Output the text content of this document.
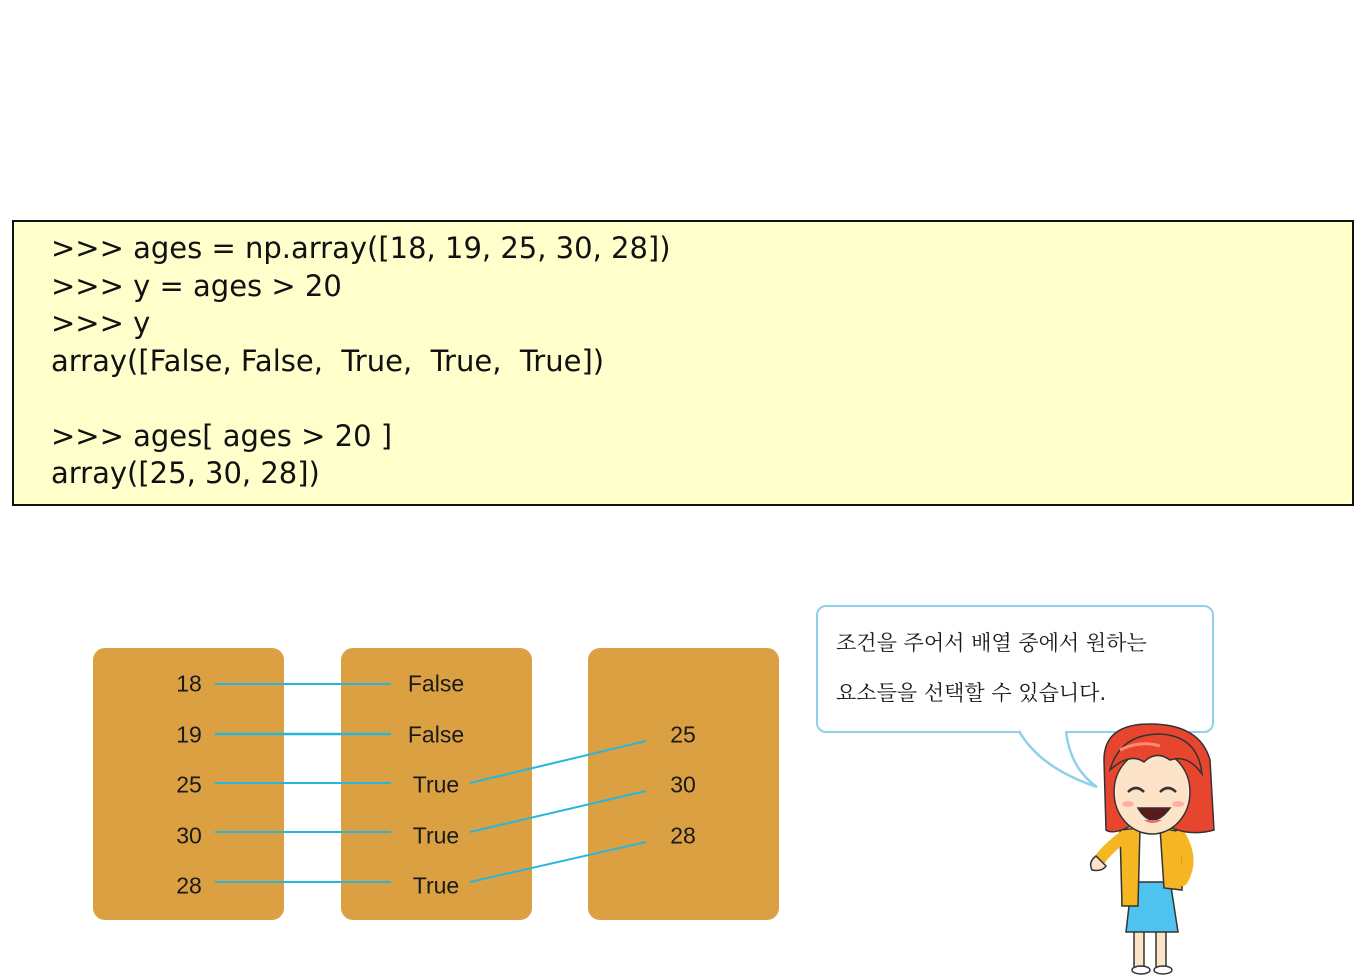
>>> ages = np.array([18, 19, 25, 30, 28])
>>> y = ages > 20
>>> y
array([False, False,  True,  True,  True])
>>> ages[ ages > 20 ]
array([25, 30, 28])
18
19
25
30
28
False
False
True
True
True
25
30
28
조건을 주어서 배열 중에서 원하는
요소들을 선택할 수 있습니다.
